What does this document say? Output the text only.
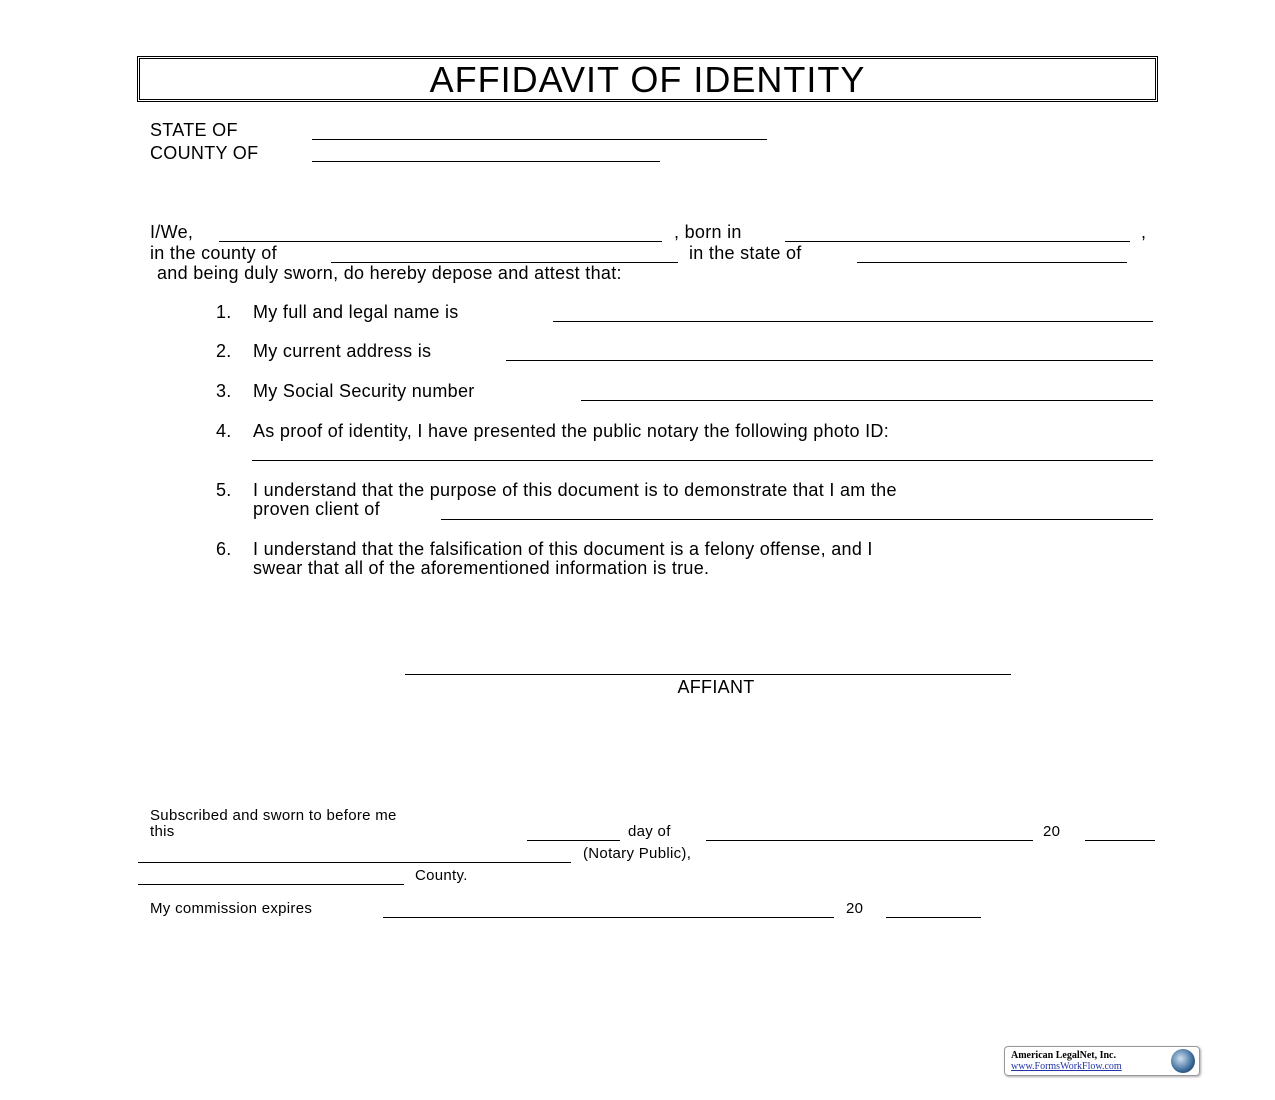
AFFIDAVIT OF IDENTITY
STATE OF
COUNTY OF
I/We,	, born in	,
in the county of	in the state of
and being duly sworn, do hereby depose and attest that:
1. My full and legal name is
2. My current address is
3. My Social Security number
4. As proof of identity, I have presented the public notary the following photo ID:
5. I understand that the purpose of this document is to demonstrate that I am the
proven client of
6. I understand that the falsification of this document is a felony offense, and I
swear that all of the aforementioned information is true.
AFFIANT
Subscribed and sworn to before me
this	day of	20
(Notary Public),
County.
My commission expires	20
American LegalNet, Inc.
www.FormsWorkFlow.com
